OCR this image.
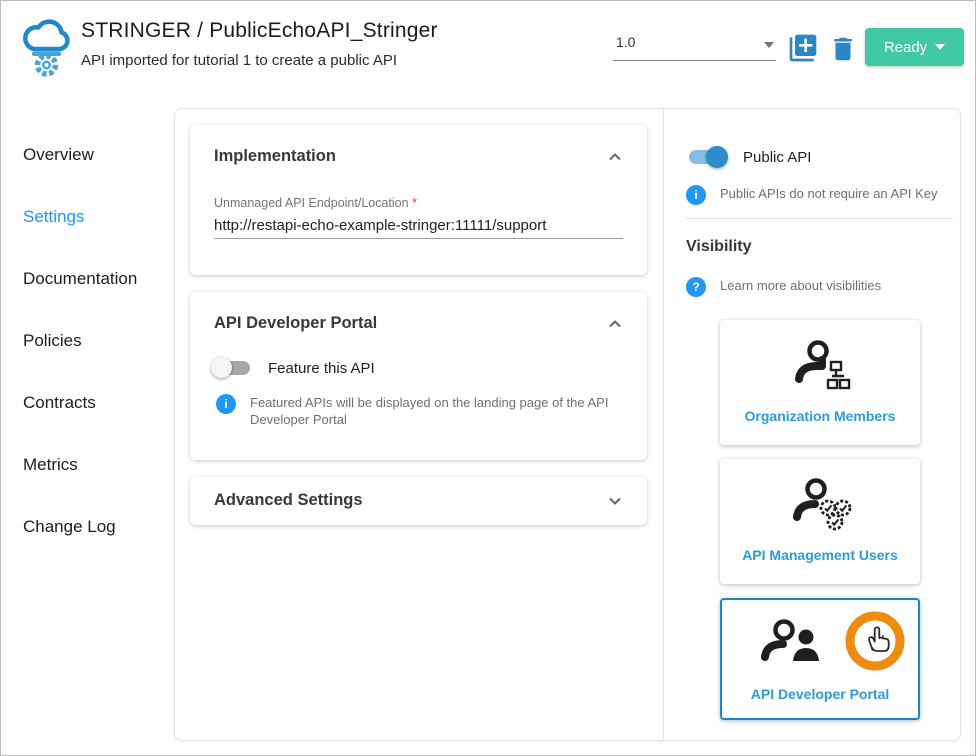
STRINGER / PublicEchoAPI_Stringer
API imported for tutorial 1 to create a public API
1.0	Ready
Overview
Settings
Documentation
Policies
Contracts
Metrics
Change Log
Implementation
Unmanaged API Endpoint/Location *
http://restapi-echo-example-stringer:11111/support
API Developer Portal
Feature this API
i	Featured APIs will be displayed on the landing page of the API Developer Portal
Advanced Settings
Public API
i	Public APIs do not require an API Key
Visibility
?	Learn more about visibilities
Organization Members
API Management Users
API Developer Portal
